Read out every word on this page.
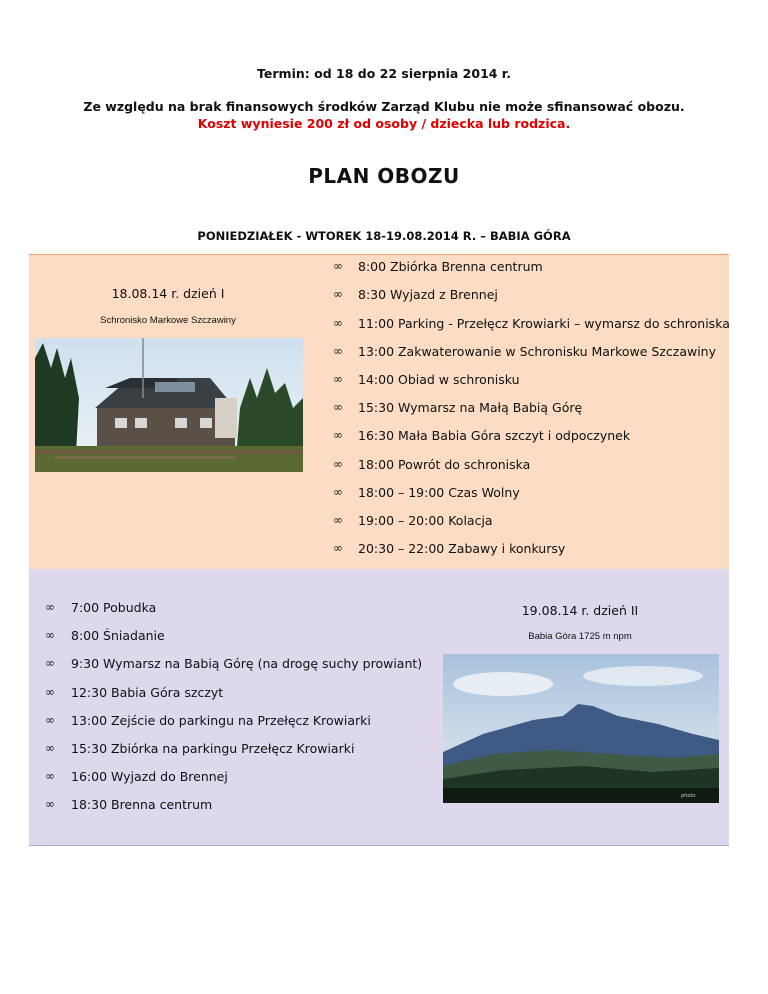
Termin: od 18 do 22 sierpnia 2014 r.
Ze względu na brak finansowych środków Zarząd Klubu nie może sfinansować obozu.
Koszt wyniesie 200 zł od osoby / dziecka lub rodzica.
PLAN OBOZU
PONIEDZIAŁEK - WTOREK 18-19.08.2014 R. – BABIA GÓRA
18.08.14 r. dzień I
Schronisko Markowe Szczawiny
∞ 8:00 Zbiórka Brenna centrum
∞ 8:30 Wyjazd z Brennej
∞ 11:00 Parking - Przełęcz Krowiarki – wymarsz do schroniska
∞ 13:00 Zakwaterowanie w Schronisku Markowe Szczawiny
∞ 14:00 Obiad w schronisku
∞ 15:30 Wymarsz na Małą Babią Górę
∞ 16:30 Mała Babia Góra szczyt i odpoczynek
∞ 18:00 Powrót do schroniska
∞ 18:00 – 19:00 Czas Wolny
∞ 19:00 – 20:00 Kolacja
∞ 20:30 – 22:00 Zabawy i konkursy
19.08.14 r. dzień II
Babia Góra 1725 m npm
photo
∞ 7:00 Pobudka
∞ 8:00 Śniadanie
∞ 9:30 Wymarsz na Babią Górę (na drogę suchy prowiant)
∞ 12:30 Babia Góra szczyt
∞ 13:00 Zejście do parkingu na Przełęcz Krowiarki
∞ 15:30 Zbiórka na parkingu Przełęcz Krowiarki
∞ 16:00 Wyjazd do Brennej
∞ 18:30 Brenna centrum
